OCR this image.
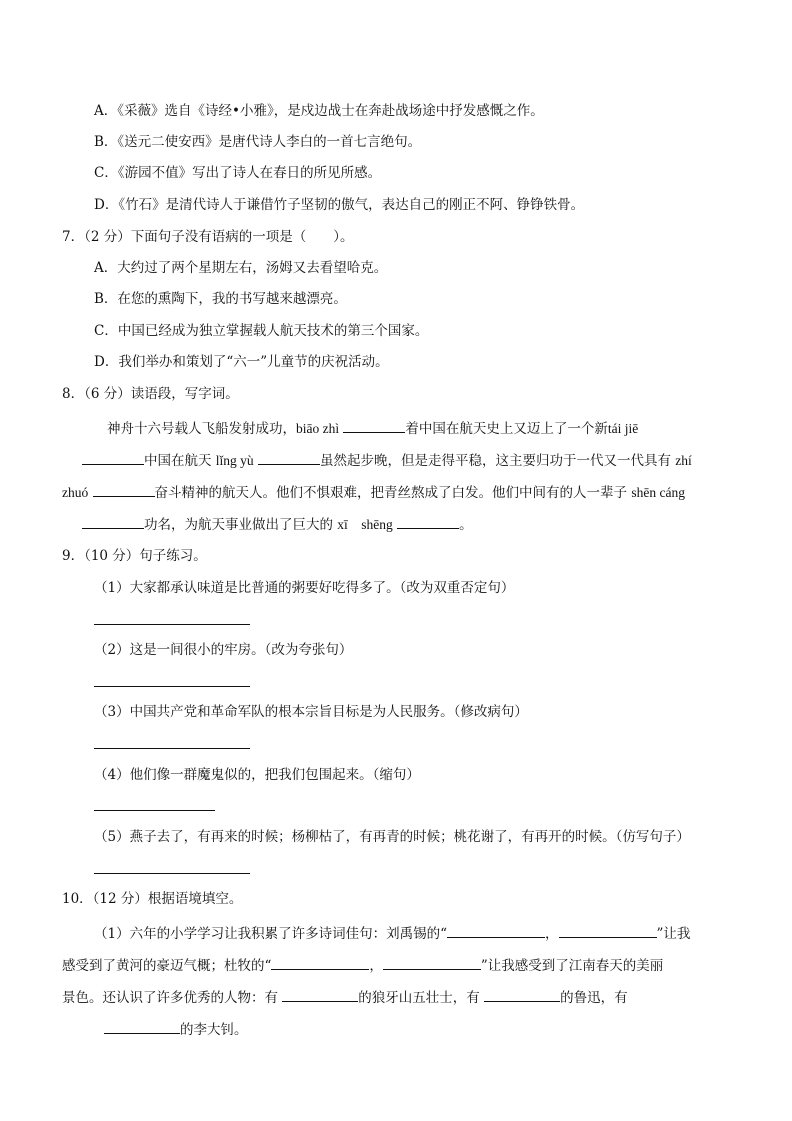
A．《采薇》选自《诗经•小雅》，是戍边战士在奔赴战场途中抒发感慨之作。
B．《送元二使安西》是唐代诗人李白的一首七言绝句。
C．《游园不值》写出了诗人在春日的所见所感。
D．《竹石》是清代诗人于谦借竹子坚韧的傲气，表达自己的刚正不阿、铮铮铁骨。
7．（2 分）下面句子没有语病的一项是（　　）。
A．大约过了两个星期左右，汤姆又去看望哈克。
B．在您的熏陶下，我的书写越来越漂亮。
C．中国已经成为独立掌握载人航天技术的第三个国家。
D．我们举办和策划了“六一”儿童节的庆祝活动。
8．（6 分）读语段，写字词。
神舟十六号载人飞船发射成功，biāo zhì	着中国在航天史上又迈上了一个新tái jiē
中国在航天 lǐng yù	虽然起步晚，但是走得平稳，这主要归功于一代又一代具有 zhí
zhuó	奋斗精神的航天人。他们不惧艰难，把青丝熬成了白发。他们中间有的人一辈子 shēn cáng
功名，为航天事业做出了巨大的 xī　shēng	。
9．（10 分）句子练习。
（1）大家都承认味道是比普通的粥要好吃得多了。（改为双重否定句）
（2）这是一间很小的牢房。（改为夸张句）
（3）中国共产党和革命军队的根本宗旨目标是为人民服务。（修改病句）
（4）他们像一群魔鬼似的，把我们包围起来。（缩句）
（5）燕子去了，有再来的时候；杨柳枯了，有再青的时候；桃花谢了，有再开的时候。（仿写句子）
10．（12 分）根据语境填空。
（1）六年的小学学习让我积累了许多诗词佳句：刘禹锡的“	，	”让我
感受到了黄河的豪迈气概；杜牧的“	，	”让我感受到了江南春天的美丽
景色。还认识了许多优秀的人物：有	的狼牙山五壮士，有	的鲁迅，有
的李大钊。
